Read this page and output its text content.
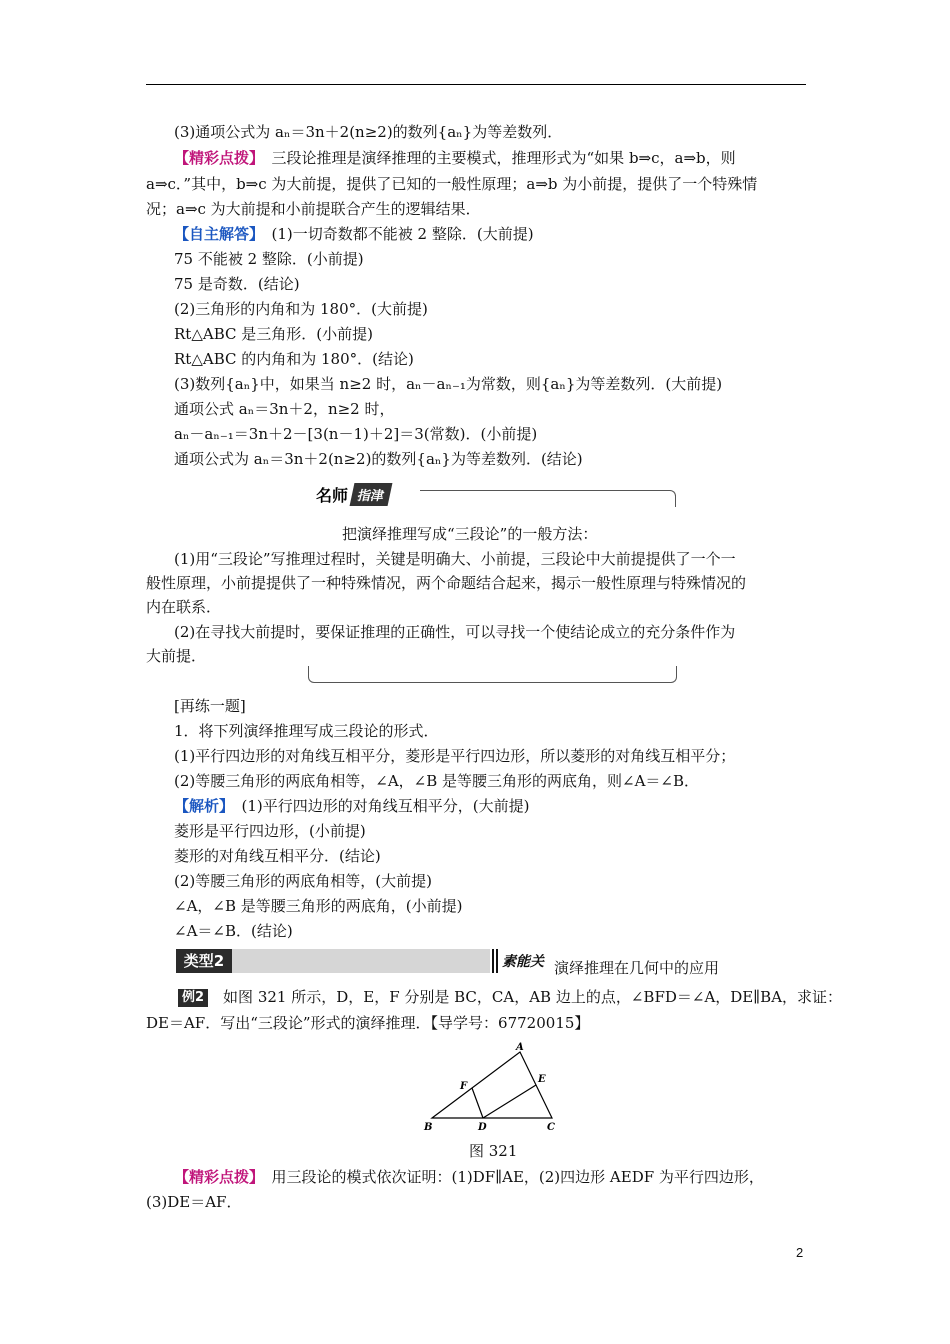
(3)通项公式为 aₙ＝3n＋2(n≥2)的数列{aₙ}为等差数列．
【精彩点拨】　三段论推理是演绎推理的主要模式，推理形式为“如果 b⇒c，a⇒b，则
a⇒c．”其中，b⇒c 为大前提，提供了已知的一般性原理；a⇒b 为小前提，提供了一个特殊情
况；a⇒c 为大前提和小前提联合产生的逻辑结果．
【自主解答】　(1)一切奇数都不能被 2 整除．(大前提)
75 不能被 2 整除．(小前提)
75 是奇数．(结论)
(2)三角形的内角和为 180°．(大前提)
Rt△ABC 是三角形．(小前提)
Rt△ABC 的内角和为 180°．(结论)
(3)数列{aₙ}中，如果当 n≥2 时，aₙ－aₙ₋₁为常数，则{aₙ}为等差数列．(大前提)
通项公式 aₙ＝3n＋2，n≥2 时，
aₙ－aₙ₋₁＝3n＋2－[3(n－1)＋2]＝3(常数)．(小前提)
通项公式为 aₙ＝3n＋2(n≥2)的数列{aₙ}为等差数列．(结论)
名师 指津
把演绎推理写成“三段论”的一般方法：
(1)用“三段论”写推理过程时，关键是明确大、小前提，三段论中大前提提供了一个一
般性原理，小前提提供了一种特殊情况，两个命题结合起来，揭示一般性原理与特殊情况的
内在联系．
(2)在寻找大前提时，要保证推理的正确性，可以寻找一个使结论成立的充分条件作为
大前提．
[再练一题]
1．将下列演绎推理写成三段论的形式．
(1)平行四边形的对角线互相平分，菱形是平行四边形，所以菱形的对角线互相平分；
(2)等腰三角形的两底角相等，∠A，∠B 是等腰三角形的两底角，则∠A＝∠B．
【解析】　(1)平行四边形的对角线互相平分，(大前提)
菱形是平行四边形，(小前提)
菱形的对角线互相平分．(结论)
(2)等腰三角形的两底角相等，(大前提)
∠A，∠B 是等腰三角形的两底角，(小前提)
∠A＝∠B．(结论)
类型2	素能关 演绎推理在几何中的应用
例2　如图 321 所示，D，E，F 分别是 BC，CA，AB 边上的点，∠BFD＝∠A，DE∥BA，求证：
DE＝AF．写出“三段论”形式的演绎推理．【导学号：67720015】
A
B	C
D
E
F
图 321
【精彩点拨】　用三段论的模式依次证明：(1)DF∥AE，(2)四边形 AEDF 为平行四边形，
(3)DE＝AF．
2
